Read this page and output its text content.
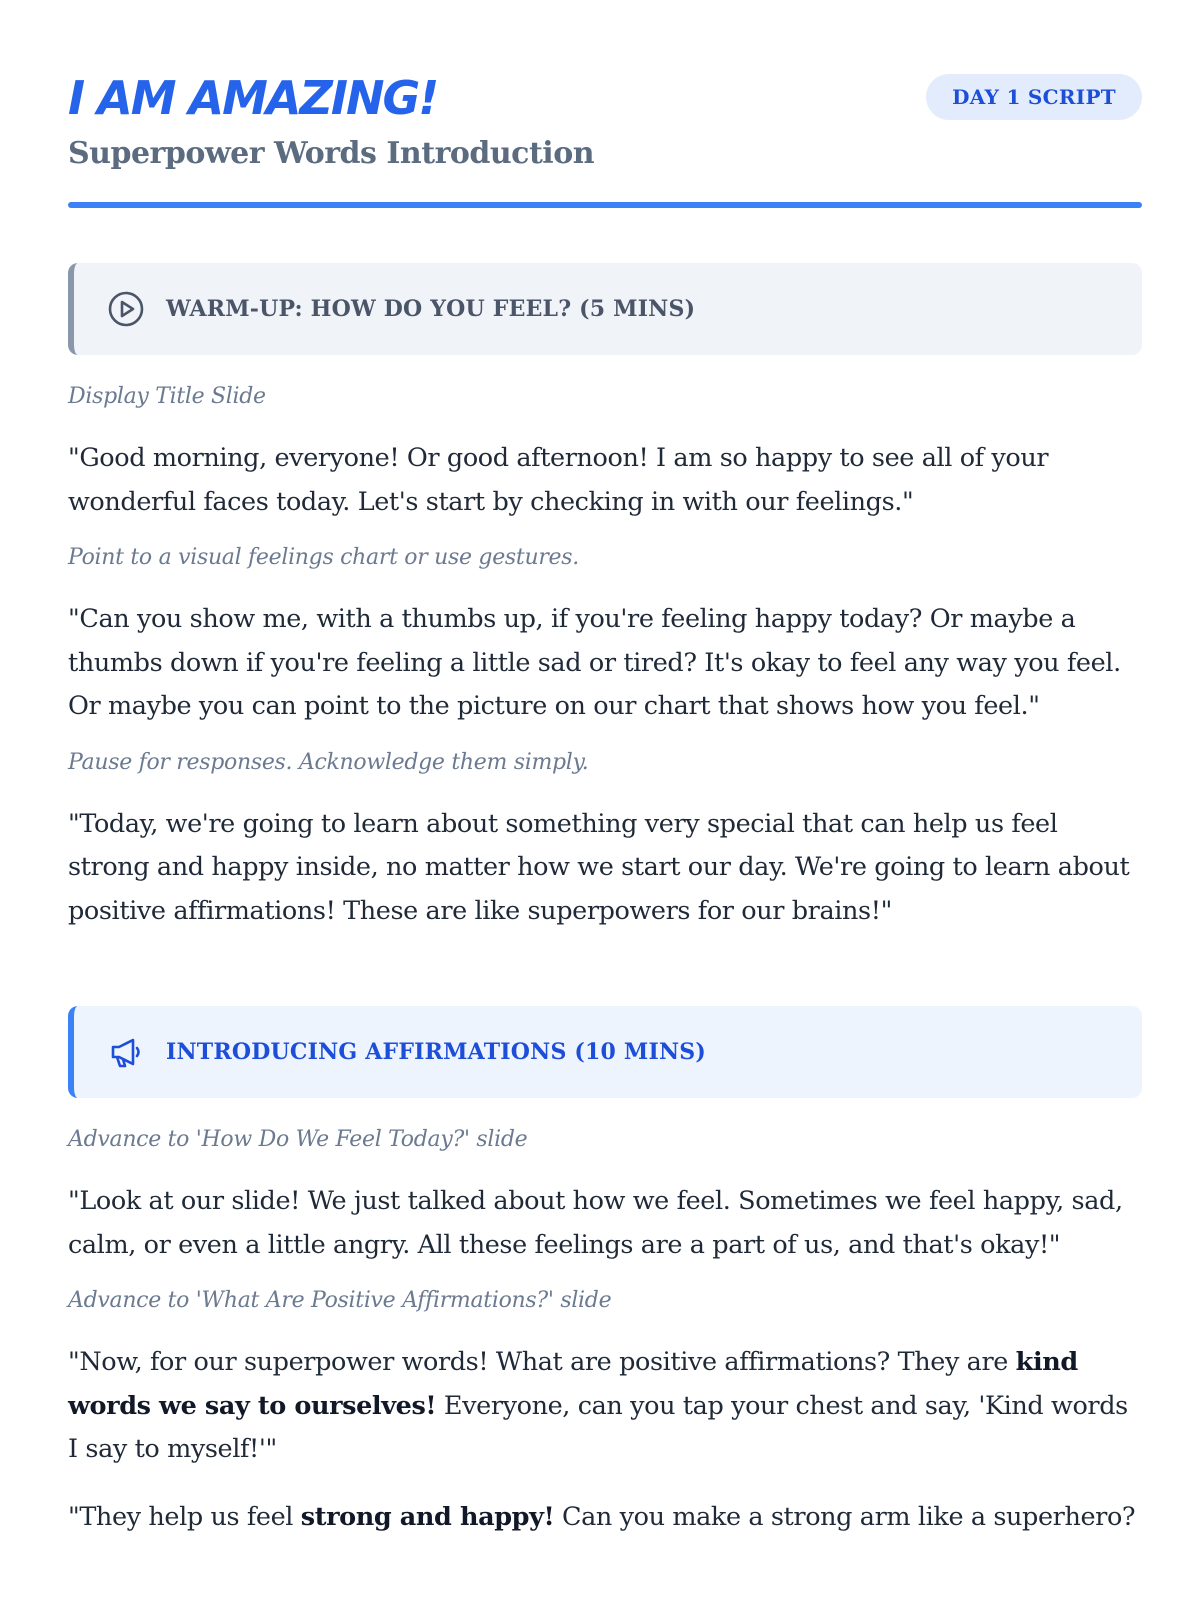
I AM AMAZING!
Superpower Words Introduction
DAY 1 SCRIPT
WARM-UP: HOW DO YOU FEEL? (5 MINS)

Display Title Slide

"Good morning, everyone! Or good afternoon! I am so happy to see all of your wonderful faces today. Let's start by checking in with our feelings."

Point to a visual feelings chart or use gestures.

"Can you show me, with a thumbs up, if you're feeling happy today? Or maybe a thumbs down if you're feeling a little sad or tired? It's okay to feel any way you feel. Or maybe you can point to the picture on our chart that shows how you feel."

Pause for responses. Acknowledge them simply.

"Today, we're going to learn about something very special that can help us feel strong and happy inside, no matter how we start our day. We're going to learn about positive affirmations! These are like superpowers for our brains!"

INTRODUCING AFFIRMATIONS (10 MINS)

Advance to 'How Do We Feel Today?' slide

"Look at our slide! We just talked about how we feel. Sometimes we feel happy, sad, calm, or even a little angry. All these feelings are a part of us, and that's okay!"

Advance to 'What Are Positive Affirmations?' slide

"Now, for our superpower words! What are positive affirmations? They are kind words we say to ourselves! Everyone, can you tap your chest and say, 'Kind words I say to myself!'"

"They help us feel strong and happy! Can you make a strong arm like a superhero?
